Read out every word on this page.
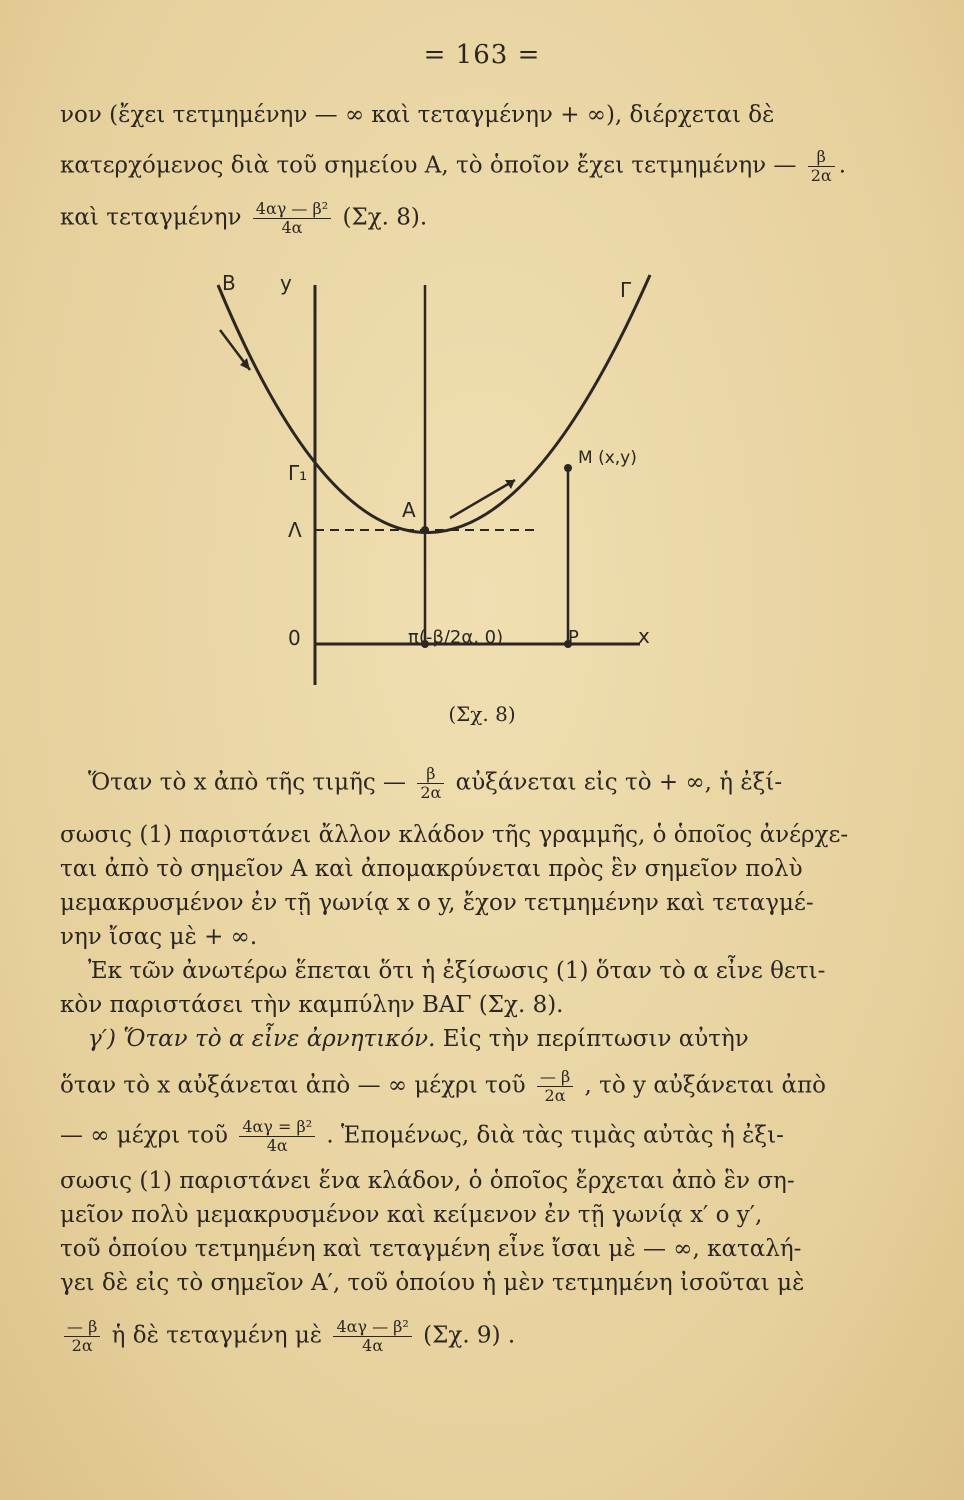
= 163 =
νον (ἔχει τετμημένην — ∞ καὶ τεταγμένην + ∞), διέρχεται δὲ
κατερχόμενος διὰ τοῦ σημείου Α, τὸ ὁποῖον ἔχει τετμημένην — $\frac{\beta}{2\alpha}$ .
καὶ τεταγμένην $\frac{\text{4αγ — β²}}{4\alpha} (\Sigma\chi$. 8).
B y	Γ
M (x,y)
Γ₁
A
Λ
0	π(-β/2α, 0)	P	x
(Σχ. 8)
Ὅταν τὸ x ἀπὸ τῆς τιμῆς — $\frac{\beta}{2\alpha}$ αὐξάνεται εἰς τὸ + ∞, ἡ ἐξί-
σωσις (1) παριστάνει ἄλλον κλάδον τῆς γραμμῆς, ὁ ὁποῖος ἀνέρχε-
ται ἀπὸ τὸ σημεῖον Α καὶ ἀπομακρύνεται πρὸς ἓν σημεῖον πολὺ
μεμακρυσμένον ἐν τῇ γωνίᾳ x ο y, ἔχον τετμημένην καὶ τεταγμέ-
νην ἴσας μὲ + ∞.
Ἐκ τῶν ἀνωτέρω ἕπεται ὅτι ἡ ἐξίσωσις (1) ὅταν τὸ α εἶνε θετι-
κὸν παριστάσει τὴν καμπύλην ΒΑΓ (Σχ. 8).
γ′) Ὅταν τὸ α εἶνε ἀρνητικόν. Εἰς τὴν περίπτωσιν αὐτὴν
ὅταν τὸ x αὐξάνεται ἀπὸ — ∞ μέχρι τοῦ $\frac{— \beta}{2\alpha}$ , τὸ y αὐξάνεται ἀπὸ
— ∞ μέχρι τοῦ $\frac{\text{4αγ = β²}}{4\alpha}$ . Ἑπομένως, διὰ τὰς τιμὰς αὐτὰς ἡ ἐξι-
σωσις (1) παριστάνει ἕνα κλάδον, ὁ ὁποῖος ἔρχεται ἀπὸ ἓν ση-
μεῖον πολὺ μεμακρυσμένον καὶ κείμενον ἐν τῇ γωνίᾳ x′ ο y′,
τοῦ ὁποίου τετμημένη καὶ τεταγμένη εἶνε ἴσαι μὲ — ∞, καταλή-
γει δὲ εἰς τὸ σημεῖον Α′, τοῦ ὁποίου ἡ μὲν τετμημένη ἰσοῦται μὲ
$\frac{— \beta}{2\alpha}$ ἡ δὲ τεταγμένη μὲ $\frac{\text{4αγ — β²}}{4\alpha} (\Sigma\chi$. 9) .
